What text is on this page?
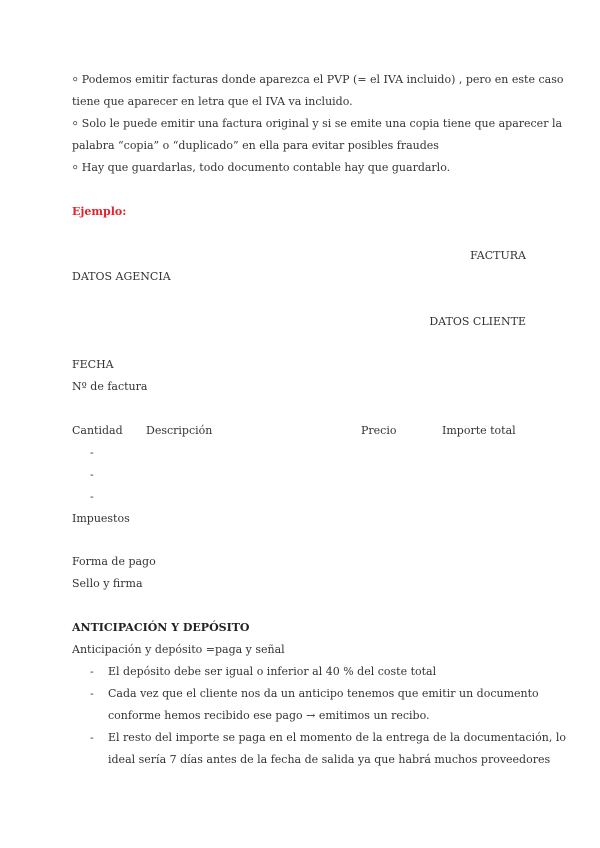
⸰ Podemos emitir facturas donde aparezca el PVP (= el IVA incluido) , pero en este caso
tiene que aparecer en letra que el IVA va incluido.
⸰ Solo le puede emitir una factura original y si se emite una copia tiene que aparecer la
palabra “copia” o “duplicado” en ella para evitar posibles fraudes
⸰ Hay que guardarlas, todo documento contable hay que guardarlo.
Ejemplo:
FACTURA
DATOS AGENCIA
DATOS CLIENTE
FECHA
Nº de factura
Cantidad Descripción	Precio	Importe total
-
-
-
Impuestos
Forma de pago
Sello y firma
ANTICIPACIÓN Y DEPÓSITO
Anticipación y depósito =paga y señal
- El depósito debe ser igual o inferior al 40 % del coste total
- Cada vez que el cliente nos da un anticipo tenemos que emitir un documento
conforme hemos recibido ese pago → emitimos un recibo.
- El resto del importe se paga en el momento de la entrega de la documentación, lo
ideal sería 7 días antes de la fecha de salida ya que habrá muchos proveedores
